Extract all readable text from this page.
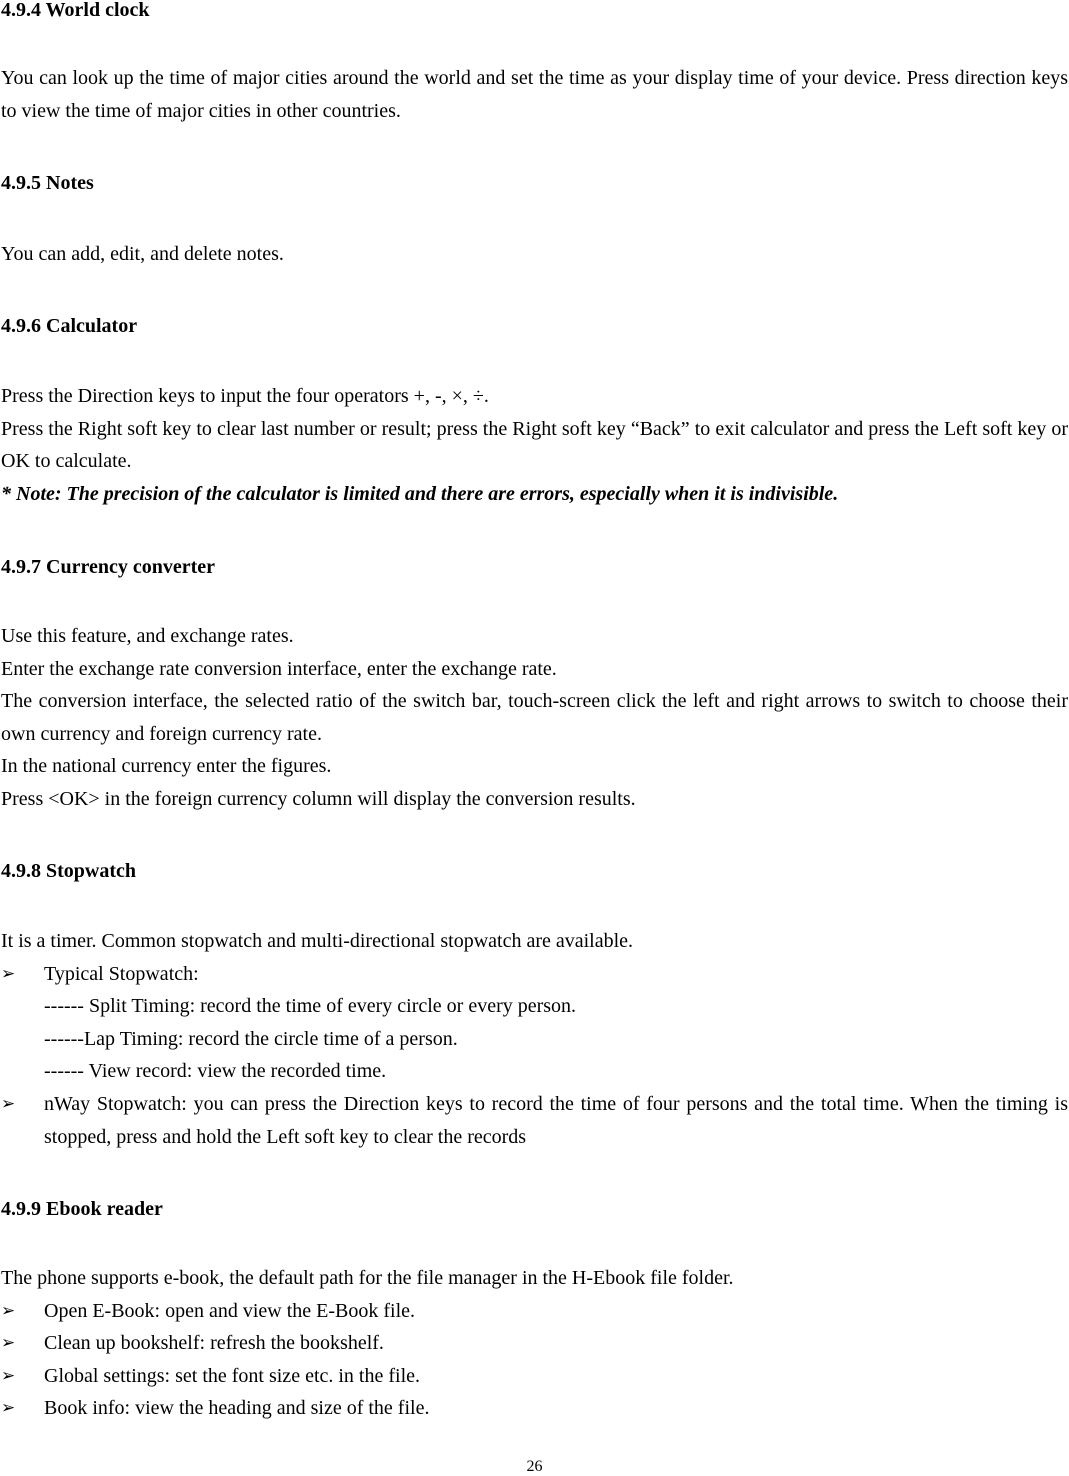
4.9.4 World clock

You can look up the time of major cities around the world and set the time as your display time of your device. Press direction keys to view the time of major cities in other countries.

4.9.5 Notes

You can add, edit, and delete notes.

4.9.6 Calculator

Press the Direction keys to input the four operators +, -, ×, ÷.

Press the Right soft key to clear last number or result; press the Right soft key “Back” to exit calculator and press the Left soft key or OK to calculate.

* Note: The precision of the calculator is limited and there are errors, especially when it is indivisible.

4.9.7 Currency converter

Use this feature, and exchange rates.

Enter the exchange rate conversion interface, enter the exchange rate.

The conversion interface, the selected ratio of the switch bar, touch-screen click the left and right arrows to switch to choose their own currency and foreign currency rate.

In the national currency enter the figures.

Press <OK> in the foreign currency column will display the conversion results.

4.9.8 Stopwatch

It is a timer. Common stopwatch and multi-directional stopwatch are available.

➢ Typical Stopwatch:
------ Split Timing: record the time of every circle or every person.
------Lap Timing: record the circle time of a person.
------ View record: view the recorded time.
➢ nWay Stopwatch: you can press the Direction keys to record the time of four persons and the total time. When the timing is stopped, press and hold the Left soft key to clear the records
4.9.9 Ebook reader

The phone supports e-book, the default path for the file manager in the H-Ebook file folder.

➢ Open E-Book: open and view the E-Book file.
➢ Clean up bookshelf: refresh the bookshelf.
➢ Global settings: set the font size etc. in the file.
➢ Book info: view the heading and size of the file.
26
